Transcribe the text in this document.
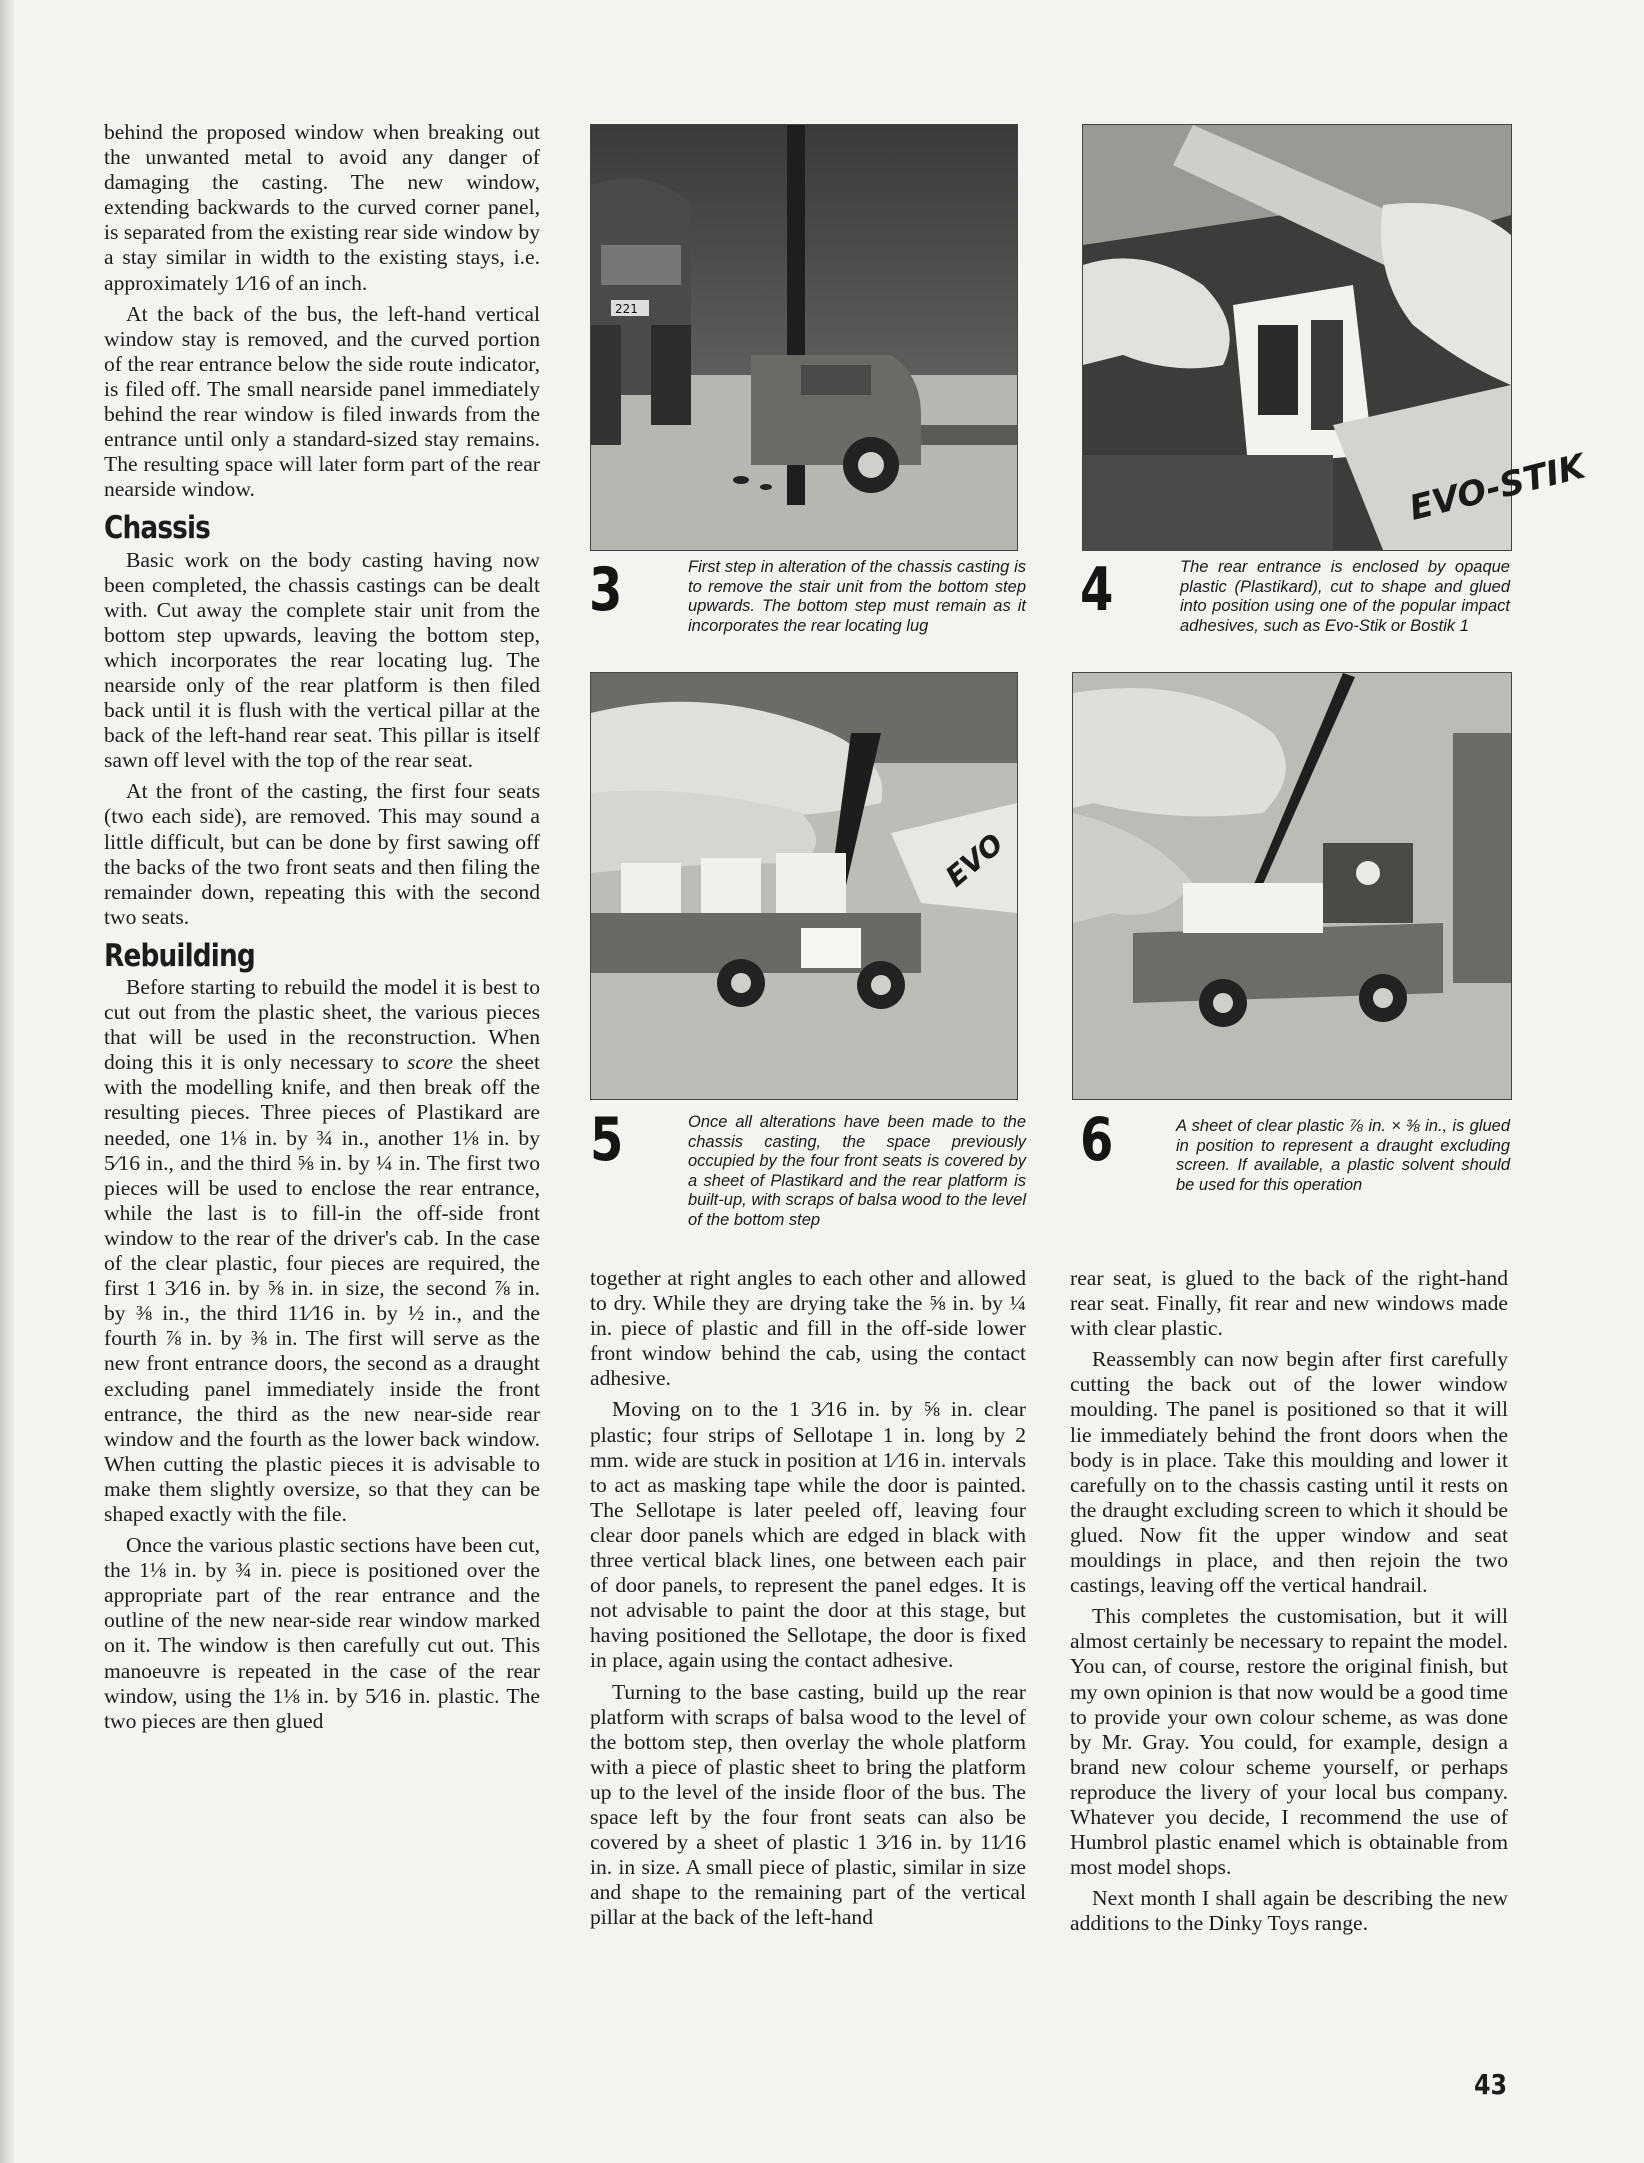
behind the proposed window when breaking out the unwanted metal to avoid any danger of damaging the casting. The new window, extending backwards to the curved corner panel, is separated from the existing rear side window by a stay similar in width to the existing stays, i.e. approximately 1⁄16 of an inch.

At the back of the bus, the left-hand vertical window stay is removed, and the curved portion of the rear entrance below the side route indicator, is filed off. The small nearside panel immediately behind the rear window is filed inwards from the entrance until only a standard-sized stay remains. The resulting space will later form part of the rear nearside window.

Chassis

Basic work on the body casting having now been completed, the chassis castings can be dealt with. Cut away the complete stair unit from the bottom step upwards, leaving the bottom step, which incorporates the rear locating lug. The nearside only of the rear platform is then filed back until it is flush with the vertical pillar at the back of the left-hand rear seat. This pillar is itself sawn off level with the top of the rear seat.

At the front of the casting, the first four seats (two each side), are removed. This may sound a little difficult, but can be done by first sawing off the backs of the two front seats and then filing the remainder down, repeating this with the second two seats.

Rebuilding

Before starting to rebuild the model it is best to cut out from the plastic sheet, the various pieces that will be used in the reconstruction. When doing this it is only necessary to score the sheet with the modelling knife, and then break off the resulting pieces. Three pieces of Plastikard are needed, one 1⅛ in. by ¾ in., another 1⅛ in. by 5⁄16 in., and the third ⅝ in. by ¼ in. The first two pieces will be used to enclose the rear entrance, while the last is to fill-in the off-side front window to the rear of the driver's cab. In the case of the clear plastic, four pieces are required, the first 1 3⁄16 in. by ⅝ in. in size, the second ⅞ in. by ⅜ in., the third 11⁄16 in. by ½ in., and the fourth ⅞ in. by ⅜ in. The first will serve as the new front entrance doors, the second as a draught excluding panel immediately inside the front entrance, the third as the new near-side rear window and the fourth as the lower back window. When cutting the plastic pieces it is advisable to make them slightly oversize, so that they can be shaped exactly with the file.

Once the various plastic sections have been cut, the 1⅛ in. by ¾ in. piece is positioned over the appropriate part of the rear entrance and the outline of the new near-side rear window marked on it. The window is then carefully cut out. This manoeuvre is repeated in the case of the rear window, using the 1⅛ in. by 5⁄16 in. plastic. The two pieces are then glued

221
EVO-STIK
EVO
3	First step in alteration of the chassis casting is to remove the stair unit from the bottom step upwards. The bottom step must remain as it incorporates the rear locating lug
4	The rear entrance is enclosed by opaque plastic (Plastikard), cut to shape and glued into position using one of the popular impact adhesives, such as Evo-Stik or Bostik 1
5	Once all alterations have been made to the chassis casting, the space previously occupied by the four front seats is covered by a sheet of Plastikard and the rear platform is built-up, with scraps of balsa wood to the level of the bottom step
6	A sheet of clear plastic ⅞ in. × ⅜ in., is glued in position to represent a draught excluding screen. If available, a plastic solvent should be used for this operation

together at right angles to each other and allowed to dry. While they are drying take the ⅝ in. by ¼ in. piece of plastic and fill in the off-side lower front window behind the cab, using the contact adhesive.

Moving on to the 1 3⁄16 in. by ⅝ in. clear plastic; four strips of Sellotape 1 in. long by 2 mm. wide are stuck in position at 1⁄16 in. intervals to act as masking tape while the door is painted. The Sellotape is later peeled off, leaving four clear door panels which are edged in black with three vertical black lines, one between each pair of door panels, to represent the panel edges. It is not advisable to paint the door at this stage, but having positioned the Sellotape, the door is fixed in place, again using the contact adhesive.

Turning to the base casting, build up the rear platform with scraps of balsa wood to the level of the bottom step, then overlay the whole platform with a piece of plastic sheet to bring the platform up to the level of the inside floor of the bus. The space left by the four front seats can also be covered by a sheet of plastic 1 3⁄16 in. by 11⁄16 in. in size. A small piece of plastic, similar in size and shape to the remaining part of the vertical pillar at the back of the left-hand

rear seat, is glued to the back of the right-hand rear seat. Finally, fit rear and new windows made with clear plastic.

Reassembly can now begin after first carefully cutting the back out of the lower window moulding. The panel is positioned so that it will lie immediately behind the front doors when the body is in place. Take this moulding and lower it carefully on to the chassis casting until it rests on the draught excluding screen to which it should be glued. Now fit the upper window and seat mouldings in place, and then rejoin the two castings, leaving off the vertical handrail.

This completes the customisation, but it will almost certainly be necessary to repaint the model. You can, of course, restore the original finish, but my own opinion is that now would be a good time to provide your own colour scheme, as was done by Mr. Gray. You could, for example, design a brand new colour scheme yourself, or perhaps reproduce the livery of your local bus company. Whatever you decide, I recommend the use of Humbrol plastic enamel which is obtainable from most model shops.

Next month I shall again be describing the new additions to the Dinky Toys range.

43
